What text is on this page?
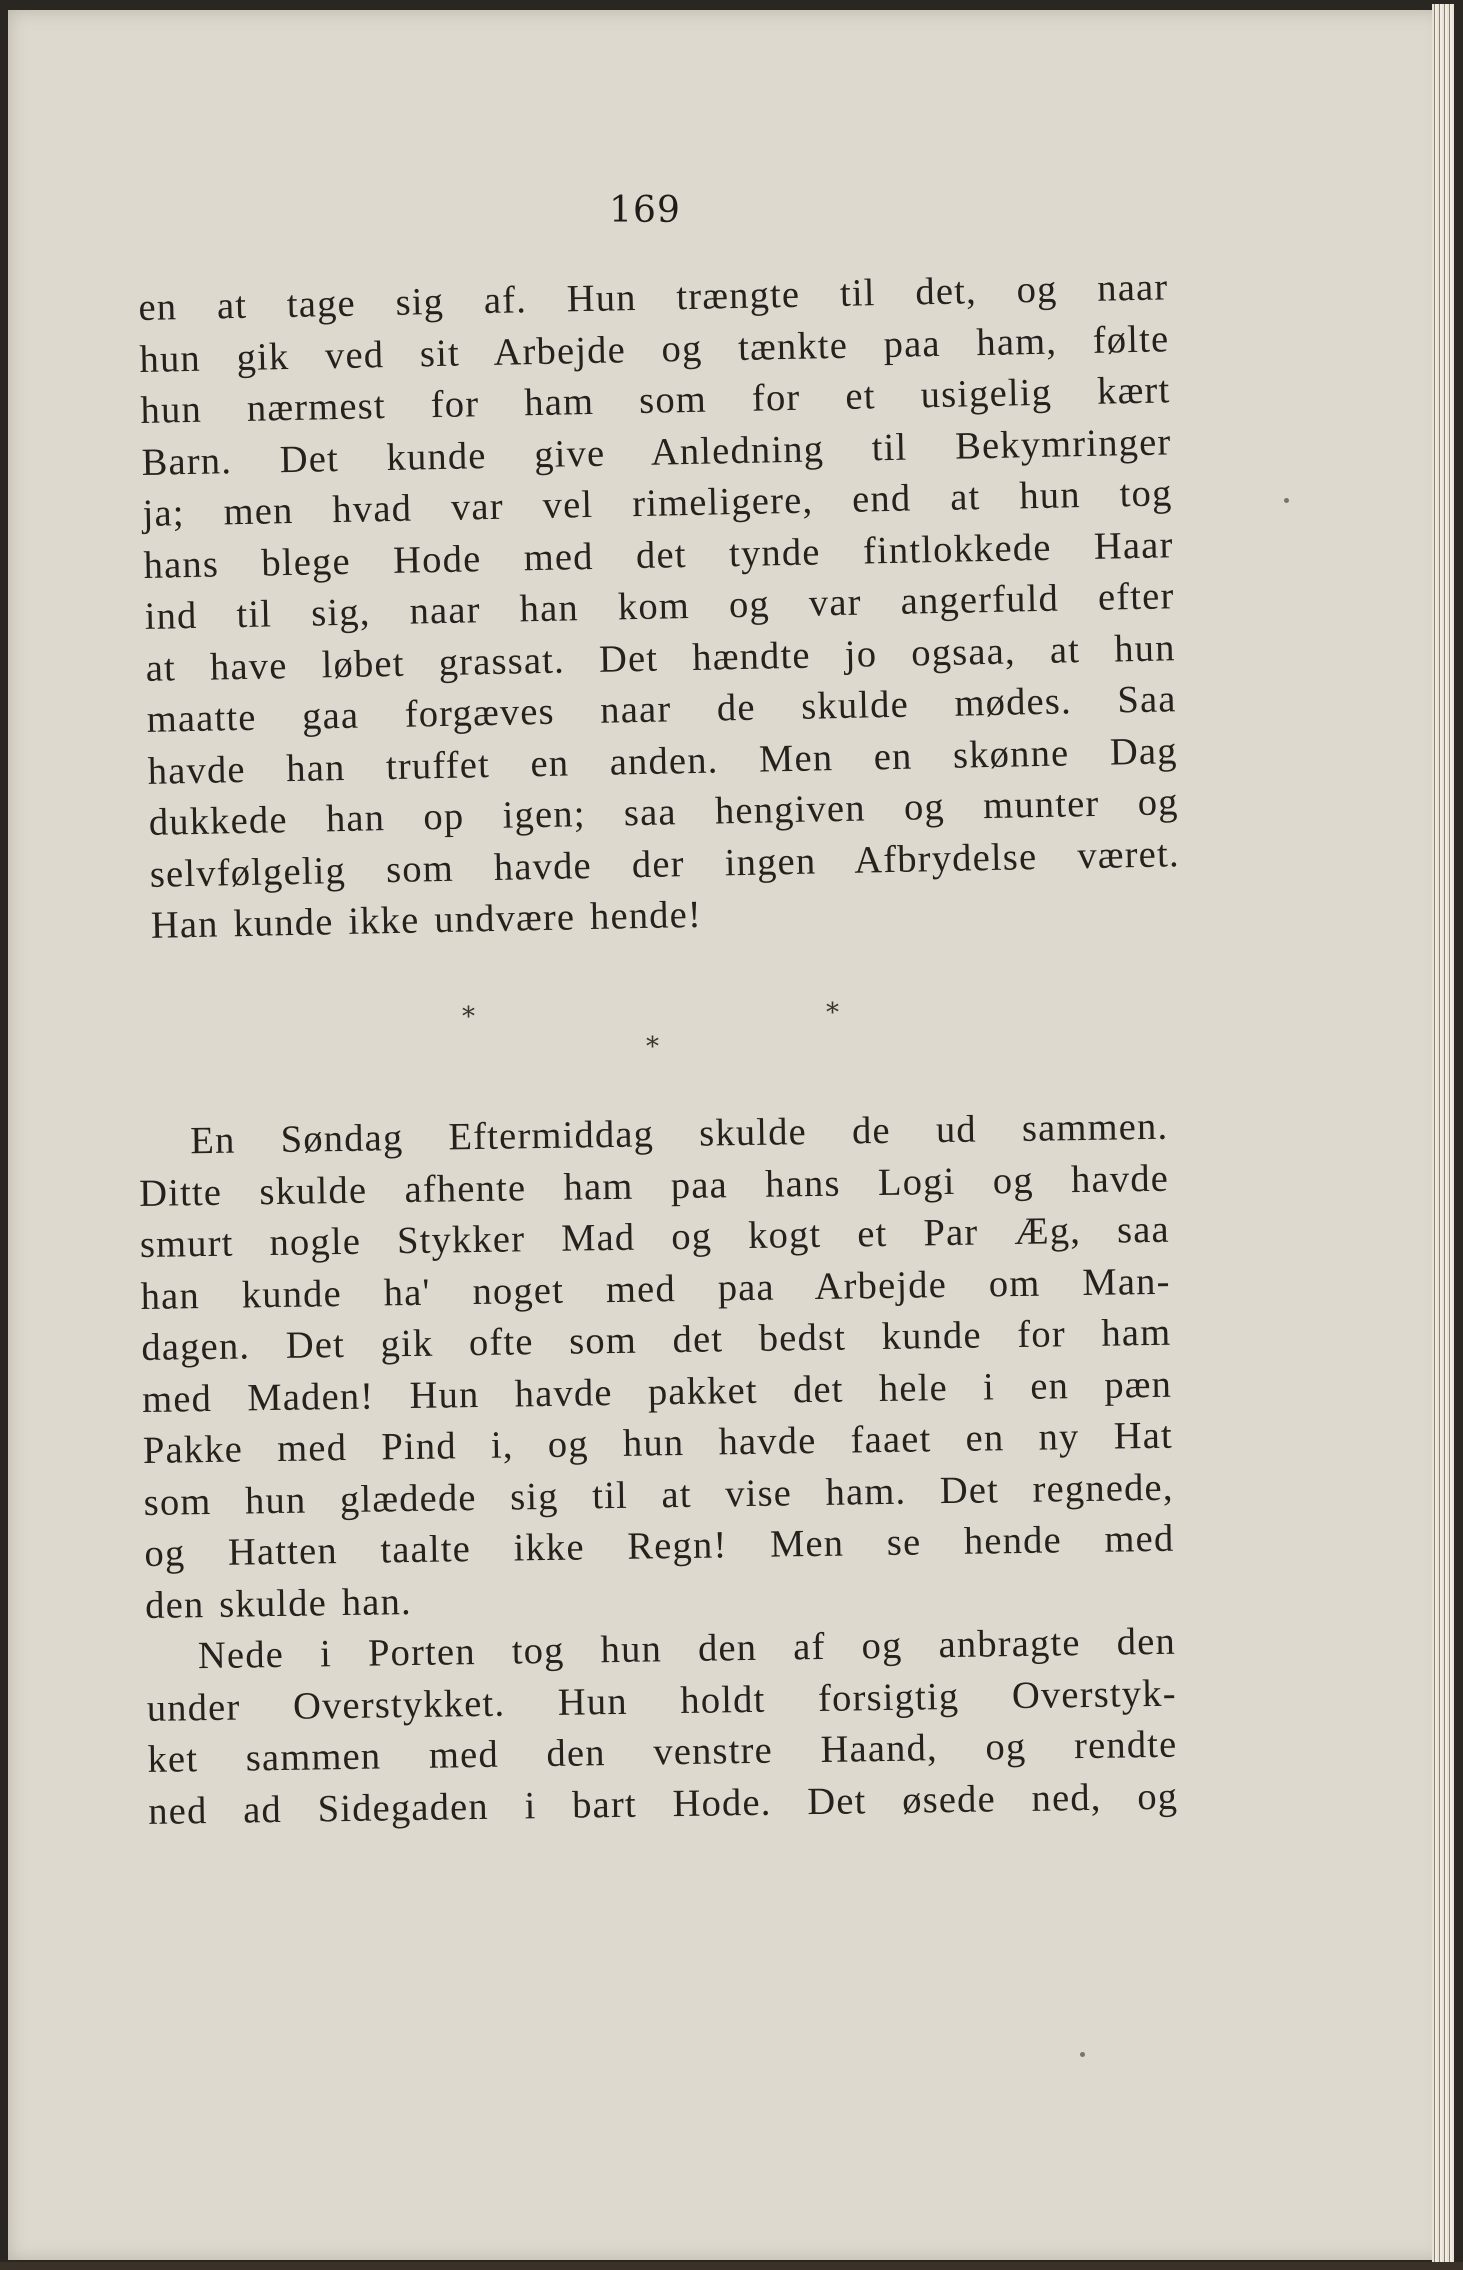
169
en at tage sig af. Hun trængte til det, og naar
hun gik ved sit Arbejde og tænkte paa ham, følte
hun nærmest for ham som for et usigelig kært
Barn. Det kunde give Anledning til Bekymringer
ja; men hvad var vel rimeligere, end at hun tog
hans blege Hode med det tynde fintlokkede Haar
ind til sig, naar han kom og var angerfuld efter
at have løbet grassat. Det hændte jo ogsaa, at hun
maatte gaa forgæves naar de skulde mødes. Saa
havde han truffet en anden. Men en skønne Dag
dukkede han op igen; saa hengiven og munter og
selvfølgelig som havde der ingen Afbrydelse været.
Han kunde ikke undvære hende!
*	*
*
En Søndag Eftermiddag skulde de ud sammen.
Ditte skulde afhente ham paa hans Logi og havde
smurt nogle Stykker Mad og kogt et Par Æg, saa
han kunde ha' noget med paa Arbejde om Man-
dagen. Det gik ofte som det bedst kunde for ham
med Maden! Hun havde pakket det hele i en pæn
Pakke med Pind i, og hun havde faaet en ny Hat
som hun glædede sig til at vise ham. Det regnede,
og Hatten taalte ikke Regn! Men se hende med
den skulde han.
Nede i Porten tog hun den af og anbragte den
under Overstykket. Hun holdt forsigtig Overstyk-
ket sammen med den venstre Haand, og rendte
ned ad Sidegaden i bart Hode. Det øsede ned, og
